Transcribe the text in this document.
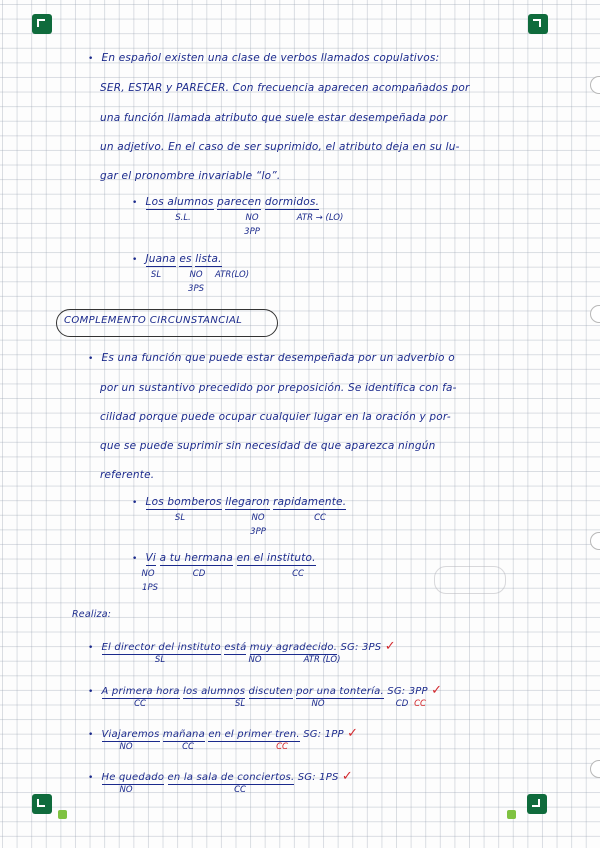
• En español existen una clase de verbos llamados copulativos:
SER, ESTAR y PARECER. Con frecuencia aparecen acompañados por
una función llamada atributo que suele estar desempeñada por
un adjetivo. En el caso de ser suprimido, el atributo deja en su lu-
gar el pronombre invariable “lo”.
• Los alumnos parecen dormidos.
S.L.	NO	ATR → (LO)
3PP
• Juana es lista.
SL	NO ATR(LO)
3PS
COMPLEMENTO CIRCUNSTANCIAL
• Es una función que puede estar desempeñada por un adverbio o
por un sustantivo precedido por preposición. Se identifica con fa-
cilidad porque puede ocupar cualquier lugar en la oración y por-
que se puede suprimir sin necesidad de que aparezca ningún
referente.
• Los bomberos llegaron rapidamente.
SL	NO	CC
3PP
• Vi a tu hermana en el instituto.
NO	CD	CC
1PS
Realiza:
• El director del instituto está muy agradecido. SG: 3PS ✓
SL	NO	ATR (LO)
• A primera hora los alumnos discuten por una tontería. SG: 3PP ✓
CC	SL	NO	CD CC
• Viajaremos mañana en el primer tren. SG: 1PP ✓
NO	CC	CC
• He quedado en la sala de conciertos. SG: 1PS ✓
NO	CC
